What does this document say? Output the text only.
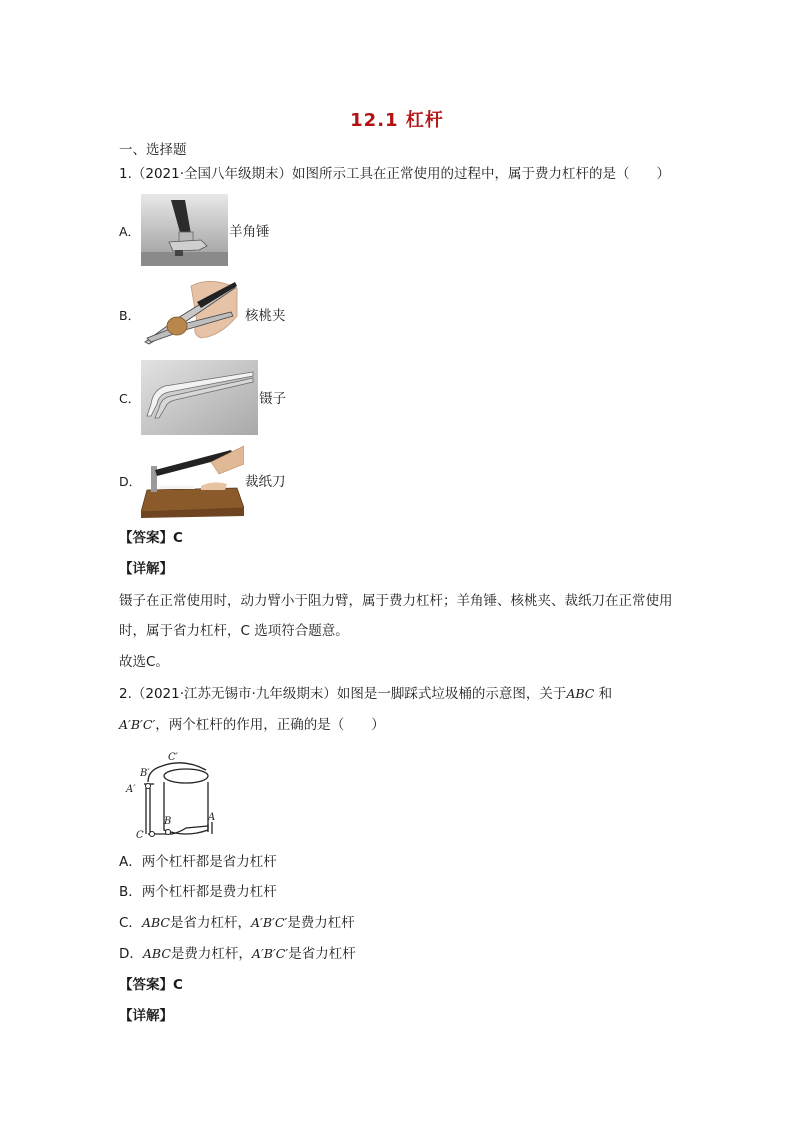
12.1 杠杆
一、选择题
1.（2021·全国八年级期末）如图所示工具在正常使用的过程中，属于费力杠杆的是（　　）
A．	羊角锤
B．	核桃夹
C．	镊子
D．	裁纸刀
【答案】C
【详解】
镊子在正常使用时，动力臂小于阻力臂，属于费力杠杆；羊角锤、核桃夹、裁纸刀在正常使用时，属于省力杠杆，C 选项符合题意。
故选C。
2.（2021·江苏无锡市·九年级期末）如图是一脚踩式垃圾桶的示意图，关于ABC 和
A′B′C′，两个杠杆的作用，正确的是（　　）
C′
B′
A′
B	A
C
A．两个杠杆都是省力杠杆
B．两个杠杆都是费力杠杆
C．ABC是省力杠杆，A′B′C′是费力杠杆
D．ABC是费力杠杆，A′B′C′是省力杠杆
【答案】C
【详解】
